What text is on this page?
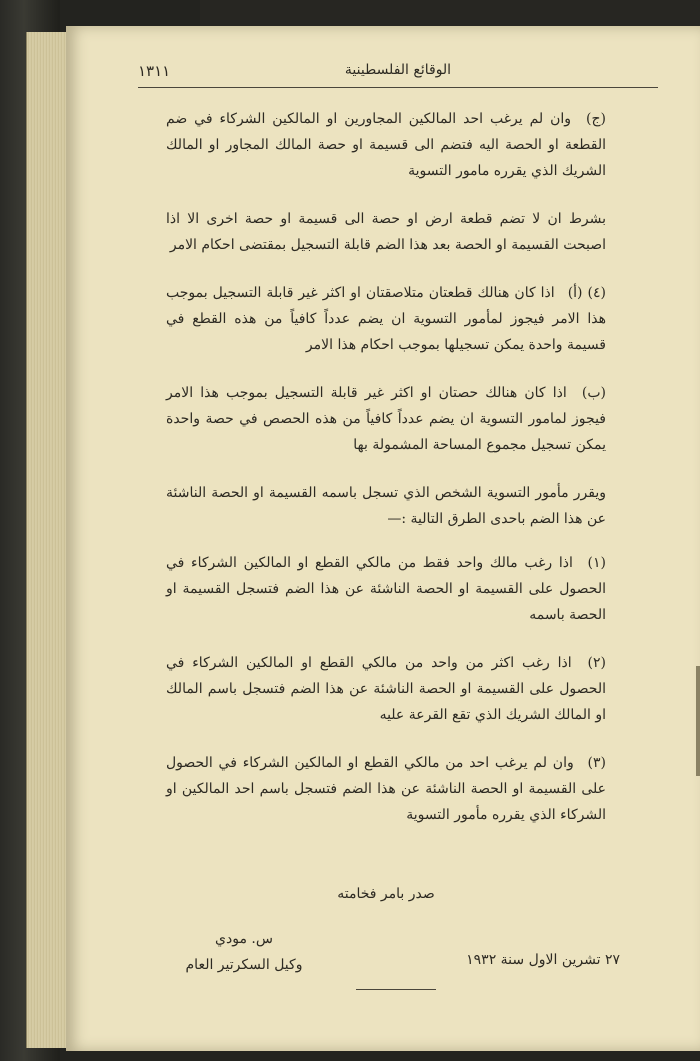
١٣١١	الوقائع الفلسطينية

(ج) وان لم يرغب احد المالكين المجاورين او المالكين الشركاء في ضم القطعة او الحصة اليه فتضم الى قسيمة او حصة المالك المجاور او المالك الشريك الذي يقرره مامور التسوية

بشرط ان لا تضم قطعة ارض او حصة الى قسيمة او حصة اخرى الا اذا اصبحت القسيمة او الحصة بعد هذا الضم قابلة التسجيل بمقتضى احكام الامر

(٤) (أ) اذا كان هنالك قطعتان متلاصقتان او اكثر غير قابلة التسجيل بموجب هذا الامر فيجوز لمأمور التسوية ان يضم عدداً كافياً من هذه القطع في قسيمة واحدة يمكن تسجيلها بموجب احكام هذا الامر

(ب) اذا كان هنالك حصتان او اكثر غير قابلة التسجيل بموجب هذا الامر فيجوز لمامور التسوية ان يضم عدداً كافياً من هذه الحصص في حصة واحدة يمكن تسجيل مجموع المساحة المشمولة بها

ويقرر مأمور التسوية الشخص الذي تسجل باسمه القسيمة او الحصة الناشئة عن هذا الضم باحدى الطرق التالية :—

(١) اذا رغب مالك واحد فقط من مالكي القطع او المالكين الشركاء في الحصول على القسيمة او الحصة الناشئة عن هذا الضم فتسجل القسيمة او الحصة باسمه

(٢) اذا رغب اكثر من واحد من مالكي القطع او المالكين الشركاء في الحصول على القسيمة او الحصة الناشئة عن هذا الضم فتسجل باسم المالك او المالك الشريك الذي تقع القرعة عليه

(٣) وان لم يرغب احد من مالكي القطع او المالكين الشركاء في الحصول على القسيمة او الحصة الناشئة عن هذا الضم فتسجل باسم احد المالكين او الشركاء الذي يقرره مأمور التسوية

صدر بامر فخامته
س. مودي
وكيل السكرتير العام	٢٧ تشرين الاول سنة ١٩٣٢
